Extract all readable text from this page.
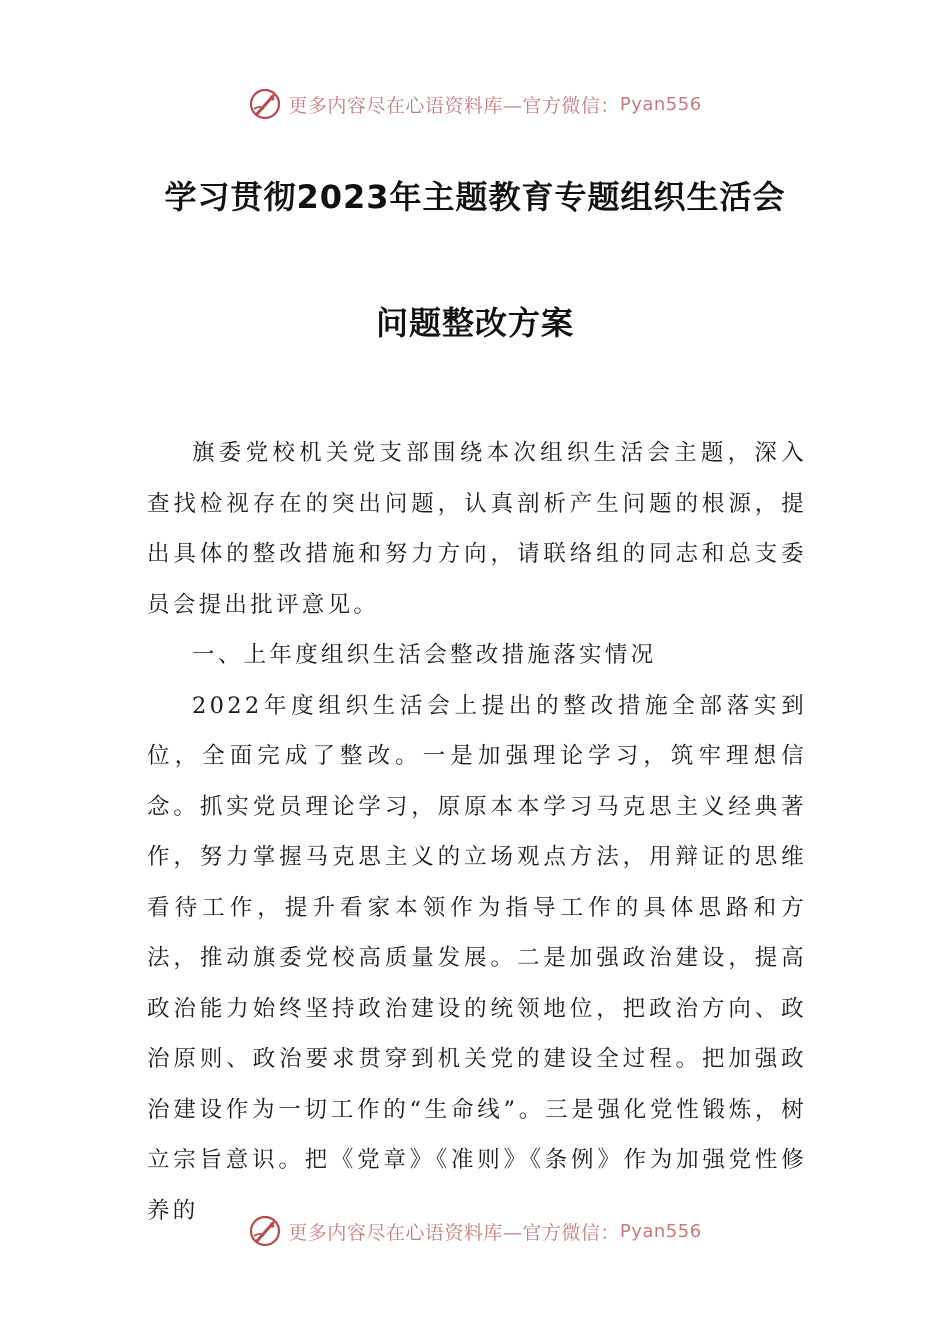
更多内容尽在心语资料库—官方微信： Pyan556
学习贯彻2023年主题教育专题组织生活会
问题整改方案

旗委党校机关党支部围绕本次组织生活会主题，深入查找检视存在的突出问题，认真剖析产生问题的根源，提出具体的整改措施和努力方向，请联络组的同志和总支委员会提出批评意见。

一、上年度组织生活会整改措施落实情况

2022年度组织生活会上提出的整改措施全部落实到位，全面完成了整改。一是加强理论学习，筑牢理想信念。抓实党员理论学习，原原本本学习马克思主义经典著作，努力掌握马克思主义的立场观点方法，用辩证的思维看待工作，提升看家本领作为指导工作的具体思路和方法，推动旗委党校高质量发展。二是加强政治建设，提高政治能力始终坚持政治建设的统领地位，把政治方向、政治原则、政治要求贯穿到机关党的建设全过程。把加强政治建设作为一切工作的“生命线”。三是强化党性锻炼，树立宗旨意识。把《党章》《准则》《条例》作为加强党性修养的

更多内容尽在心语资料库—官方微信： Pyan556
